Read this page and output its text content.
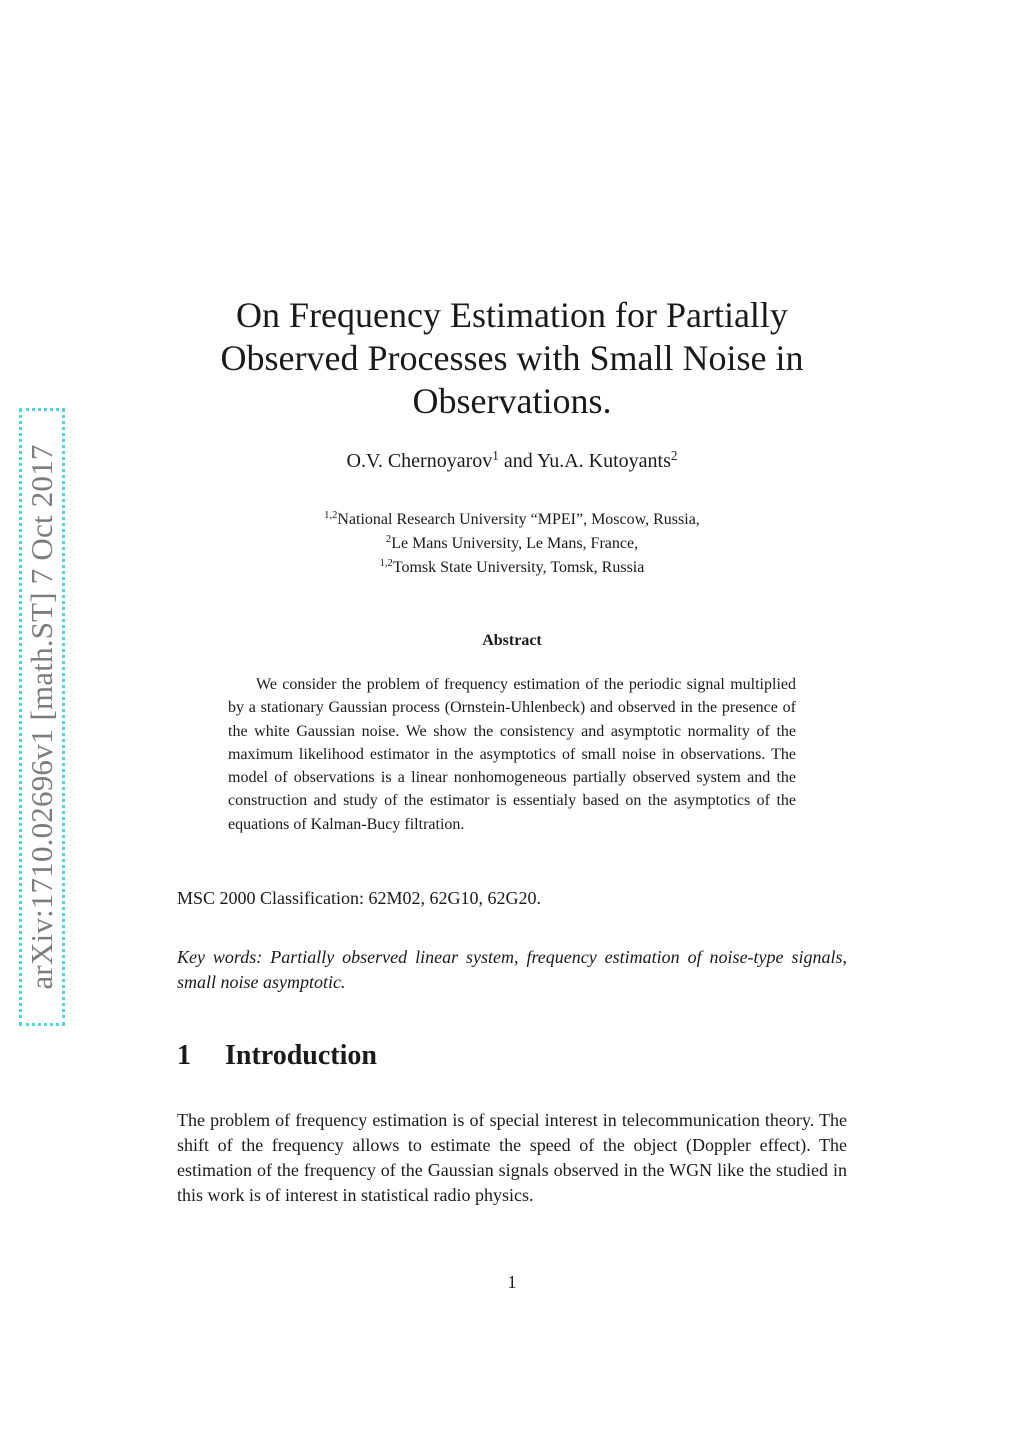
arXiv:1710.02696v1 [math.ST] 7 Oct 2017
On Frequency Estimation for Partially
Observed Processes with Small Noise in
Observations.
O.V. Chernoyarov$^1$ and Yu.A. Kutoyants$^2$
$^{1,2}$National Research University “MPEI”, Moscow, Russia,
$^2$Le Mans University, Le Mans, France,
$^{1,2}$Tomsk State University, Tomsk, Russia
Abstract

We consider the problem of frequency estimation of the periodic signal multiplied by a stationary Gaussian process (Ornstein-Uhlenbeck) and observed in the presence of the white Gaussian noise. We show the consistency and asymptotic normality of the maximum likelihood estimator in the asymptotics of small noise in observations. The model of observations is a linear nonhomogeneous partially observed system and the construction and study of the estimator is essentialy based on the asymptotics of the equations of Kalman-Bucy filtration.

MSC 2000 Classification: 62M02, 62G10, 62G20.

Key words: Partially observed linear system, frequency estimation of noise-type signals, small noise asymptotic.

1 Introduction

The problem of frequency estimation is of special interest in telecommunication theory. The shift of the frequency allows to estimate the speed of the object (Doppler effect). The estimation of the frequency of the Gaussian signals observed in the WGN like the studied in this work is of interest in statistical radio physics.

1
